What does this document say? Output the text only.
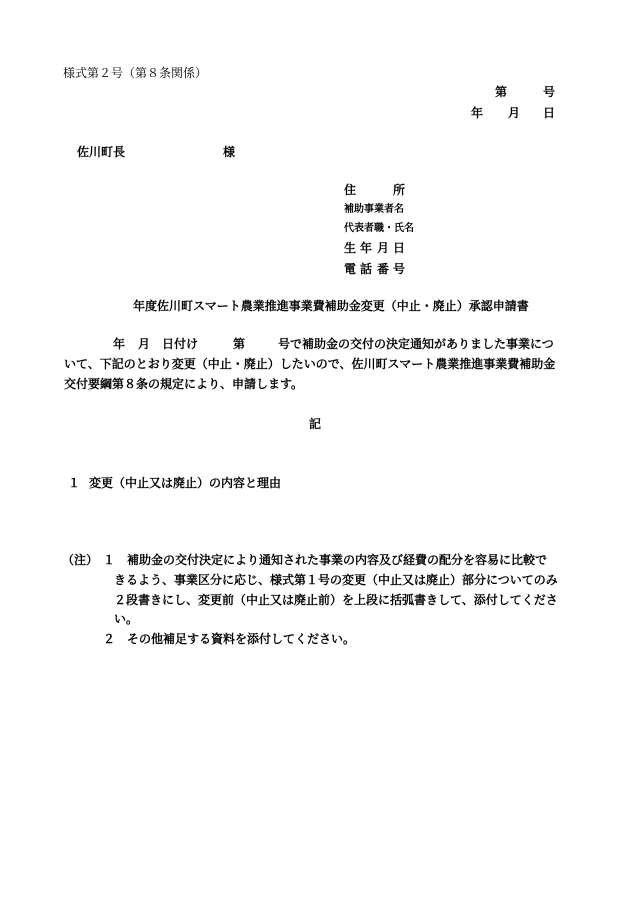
様式第２号（第８条関係）
第	号
年 月 日
佐川町長	様
住	所
補助事業者名
代表者職・氏名
生 年 月 日
電 話 番 号
年度佐川町スマート農業推進事業費補助金変更（中止・廃止）承認申請書
年 月 日付け	第	号で補助金の交付の決定通知がありました事業につ
いて、下記のとおり変更（中止・廃止）したいので、佐川町スマート農業推進事業費補助金
交付要綱第８条の規定により、申請します。
記
１ 変更（中止又は廃止）の内容と理由
（注） １ 補助金の交付決定により通知された事業の内容及び経費の配分を容易に比較で
きるよう、事業区分に応じ、様式第１号の変更（中止又は廃止）部分についてのみ
２段書きにし、変更前（中止又は廃止前）を上段に括弧書きして、添付してくださ
い。
２ その他補足する資料を添付してください。
